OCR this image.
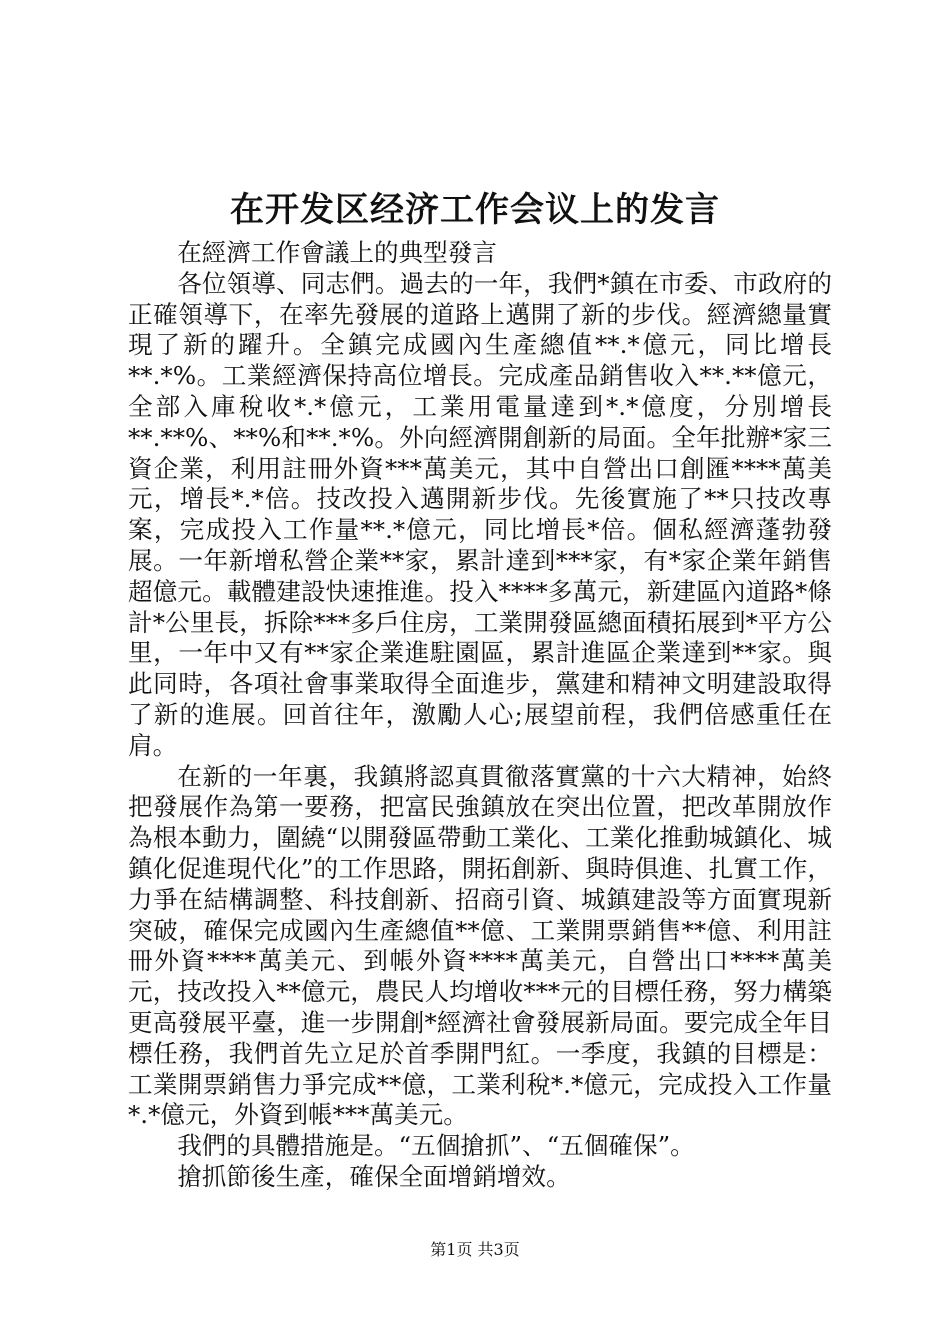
在开发区经济工作会议上的发言

在經濟工作會議上的典型發言

各位領導、同志們。過去的一年，我們*鎮在市委、市政府的正確領導下，在率先發展的道路上邁開了新的步伐。經濟總量實現了新的躍升。全鎮完成國內生產總值**.*億元，同比增長**.*%。工業經濟保持高位增長。完成產品銷售收入**.**億元，全部入庫稅收*.*億元，工業用電量達到*.*億度，分別增長**.**%、**%和**.*%。外向經濟開創新的局面。全年批辦*家三資企業，利用註冊外資***萬美元，其中自營出口創匯****萬美元，增長*.*倍。技改投入邁開新步伐。先後實施了**只技改專案，完成投入工作量**.*億元，同比增長*倍。個私經濟蓬勃發展。一年新增私營企業**家，累計達到***家，有*家企業年銷售超億元。載體建設快速推進。投入****多萬元，新建區內道路*條計*公里長，拆除***多戶住房，工業開發區總面積拓展到*平方公里，一年中又有**家企業進駐園區，累計進區企業達到**家。與此同時，各項社會事業取得全面進步，黨建和精神文明建設取得了新的進展。回首往年，激勵人心;展望前程，我們倍感重任在肩。

在新的一年裏，我鎮將認真貫徹落實黨的十六大精神，始終把發展作為第一要務，把富民強鎮放在突出位置，把改革開放作為根本動力，圍繞“以開發區帶動工業化、工業化推動城鎮化、城鎮化促進現代化”的工作思路，開拓創新、與時俱進、扎實工作，力爭在結構調整、科技創新、招商引資、城鎮建設等方面實現新突破，確保完成國內生產總值**億、工業開票銷售**億、利用註冊外資****萬美元、到帳外資****萬美元，自營出口****萬美元，技改投入**億元，農民人均增收***元的目標任務，努力構築更高發展平臺，進一步開創*經濟社會發展新局面。要完成全年目標任務，我們首先立足於首季開門紅。一季度，我鎮的目標是：工業開票銷售力爭完成**億，工業利稅*.*億元，完成投入工作量*.*億元，外資到帳***萬美元。

我們的具體措施是。“五個搶抓”、“五個確保”。

搶抓節後生產，確保全面增銷增效。

第1页 共3页
